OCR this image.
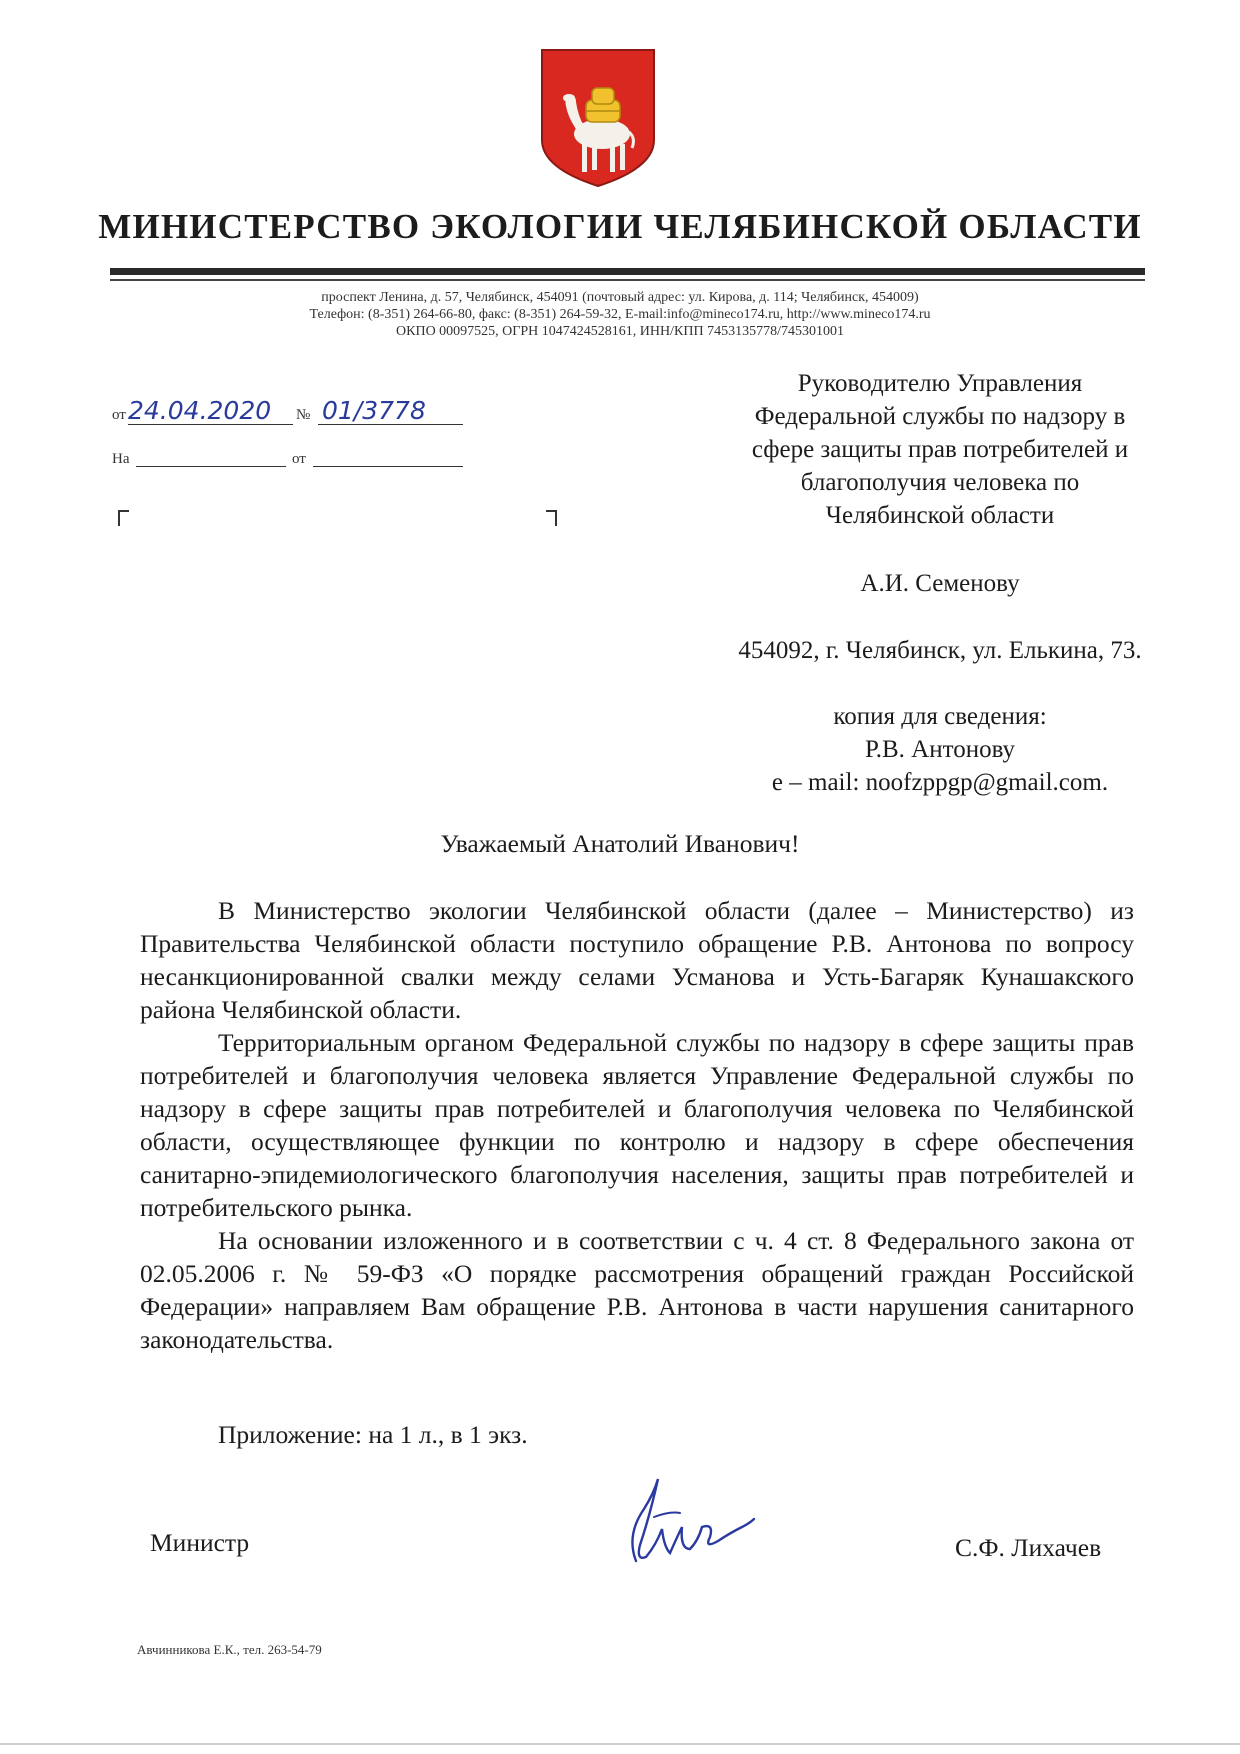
МИНИСТЕРСТВО ЭКОЛОГИИ ЧЕЛЯБИНСКОЙ ОБЛАСТИ
проспект Ленина, д. 57, Челябинск, 454091 (почтовый адрес: ул. Кирова, д. 114; Челябинск, 454009)
Телефон: (8-351) 264-66-80, факс: (8-351) 264-59-32, E-mail:info@mineco174.ru, http://www.mineco174.ru
ОКПО 00097525, ОГРН 1047424528161, ИНН/КПП 7453135778/745301001
от 24.04.2020	№ 01/3778
На	от
Руководителю Управления
Федеральной службы по надзору в
сфере защиты прав потребителей и
благополучия человека по
Челябинской области
А.И. Семенову
454092, г. Челябинск, ул. Елькина, 73.
копия для сведения:
Р.В. Антонову
e – mail: noofzppgp@gmail.com.
Уважаемый Анатолий Иванович!

В Министерство экологии Челябинской области (далее – Министерство) из Правительства Челябинской области поступило обращение Р.В. Антонова по вопросу несанкционированной свалки между селами Усманова и Усть-Багаряк Кунашакского района Челябинской области.

Территориальным органом Федеральной службы по надзору в сфере защиты прав потребителей и благополучия человека является Управление Федеральной службы по надзору в сфере защиты прав потребителей и благополучия человека по Челябинской области, осуществляющее функции по контролю и надзору в сфере обеспечения санитарно-эпидемиологического благополучия населения, защиты прав потребителей и потребительского рынка.

На основании изложенного и в соответствии с ч. 4 ст. 8 Федерального закона от 02.05.2006 г. № 59-ФЗ «О порядке рассмотрения обращений граждан Российской Федерации» направляем Вам обращение Р.В. Антонова в части нарушения санитарного законодательства.

Приложение: на 1 л., в 1 экз.
Министр	С.Ф. Лихачев
Авчинникова Е.К., тел. 263-54-79
